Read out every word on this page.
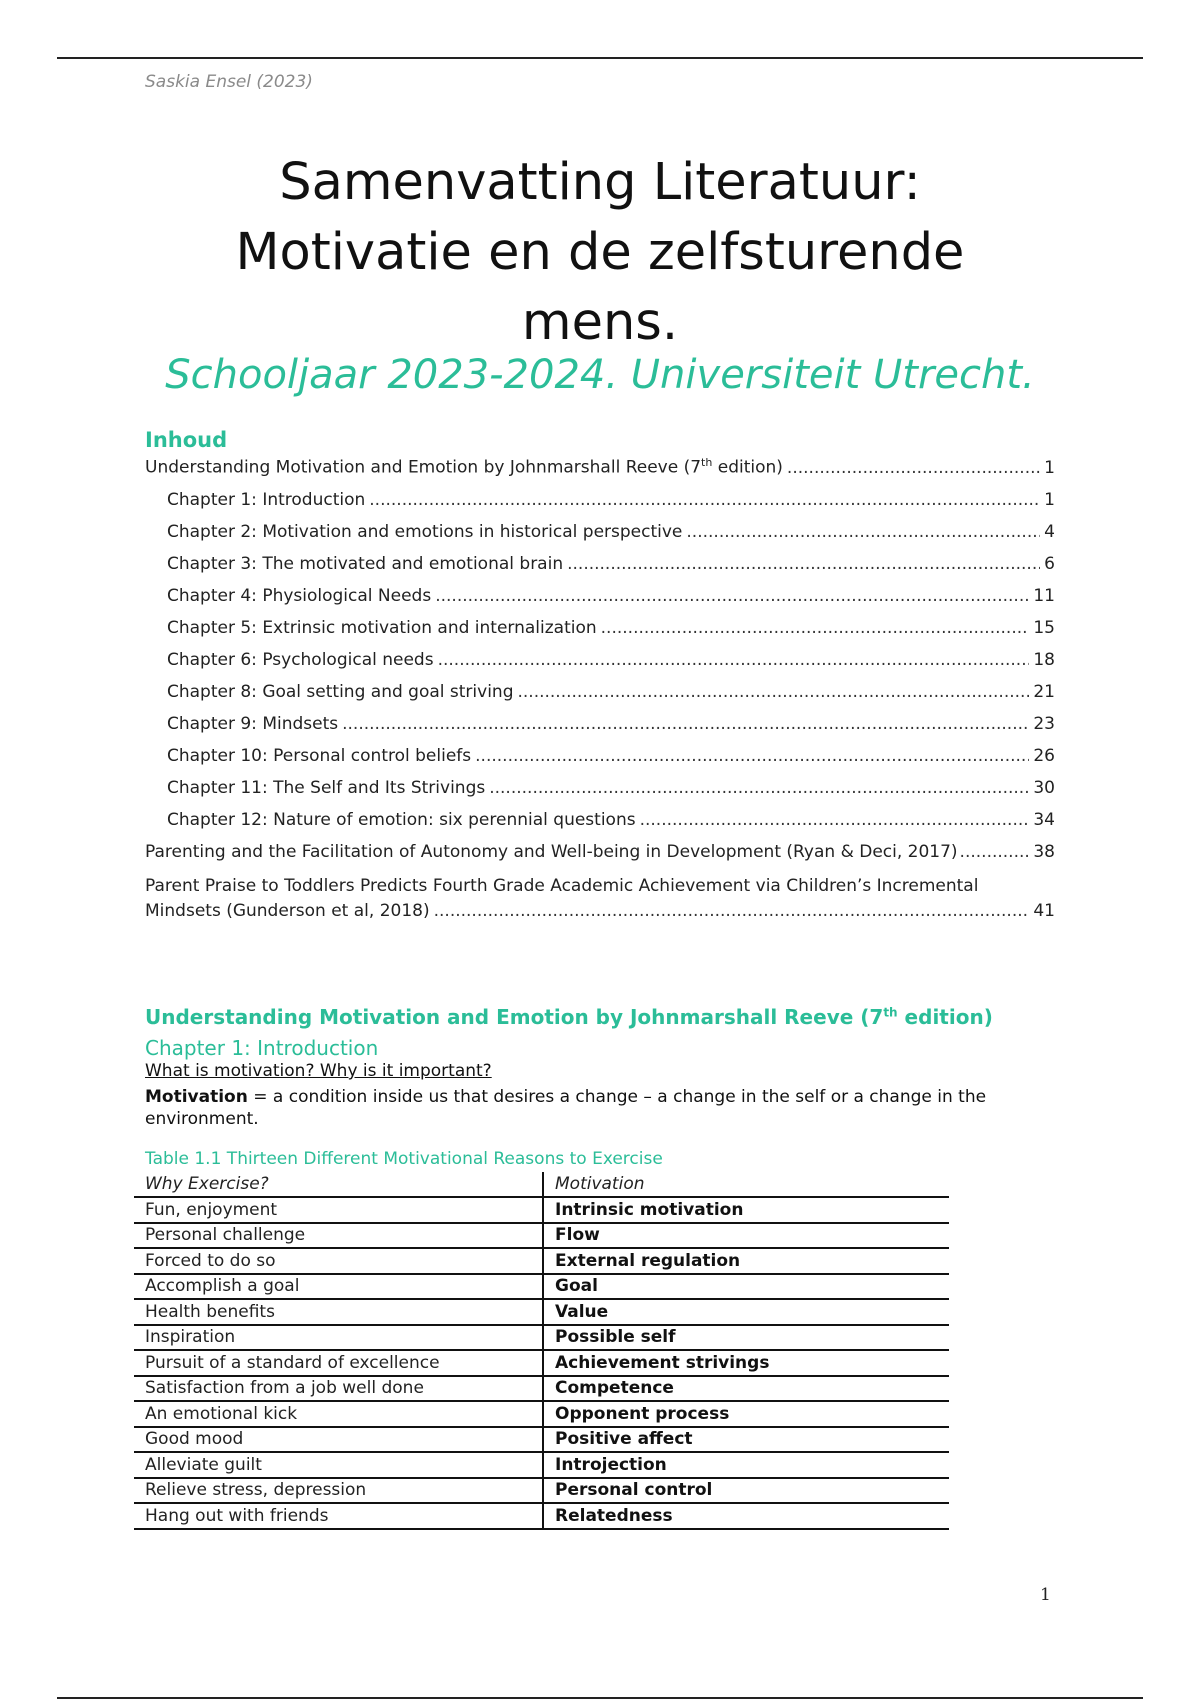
Saskia Ensel (2023)
Samenvatting Literatuur:
Motivatie en de zelfsturende
mens.
Schooljaar 2023-2024. Universiteit Utrecht.
Inhoud
Understanding Motivation and Emotion by Johnmarshall Reeve (7th edition) .....	1
Chapter 1: Introduction .....	1
Chapter 2: Motivation and emotions in historical perspective .....	4
Chapter 3: The motivated and emotional brain .....	6
Chapter 4: Physiological Needs .....	11
Chapter 5: Extrinsic motivation and internalization .....	15
Chapter 6: Psychological needs .....	18
Chapter 8: Goal setting and goal striving .....	21
Chapter 9: Mindsets .....	23
Chapter 10: Personal control beliefs .....	26
Chapter 11: The Self and Its Strivings .....	30
Chapter 12: Nature of emotion: six perennial questions .....	34
Parenting and the Facilitation of Autonomy and Well-being in Development (Ryan & Deci, 2017) .....	38
Parent Praise to Toddlers Predicts Fourth Grade Academic Achievement via Children’s Incremental
Mindsets (Gunderson et al, 2018) .....	41
Understanding Motivation and Emotion by Johnmarshall Reeve (7th edition)
Chapter 1: Introduction
What is motivation? Why is it important?
Motivation = a condition inside us that desires a change – a change in the self or a change in the environment.
Table 1.1 Thirteen Different Motivational Reasons to Exercise
Why Exercise?	Motivation
Fun, enjoyment	Intrinsic motivation
Personal challenge	Flow
Forced to do so	External regulation
Accomplish a goal	Goal
Health benefits	Value
Inspiration	Possible self
Pursuit of a standard of excellence	Achievement strivings
Satisfaction from a job well done	Competence
An emotional kick	Opponent process
Good mood	Positive affect
Alleviate guilt	Introjection
Relieve stress, depression	Personal control
Hang out with friends	Relatedness
1
